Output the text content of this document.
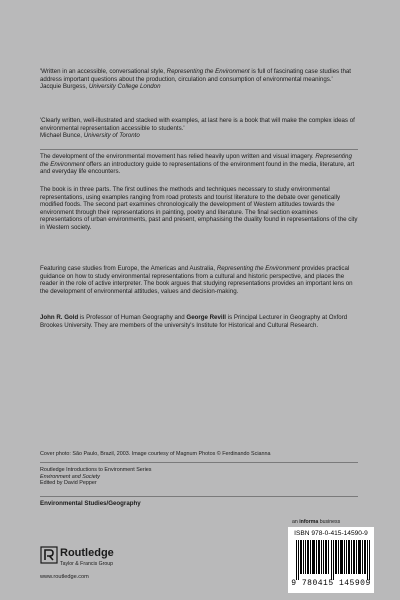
'Written in an accessible, conversational style, Representing the Environment is full of fascinating case studies that address important questions about the production, circulation and consumption of environmental meanings.'
Jacquie Burgess, University College London

'Clearly written, well-illustrated and stacked with examples, at last here is a book that will make the complex ideas of environmental representation accessible to students.'
Michael Bunce, University of Toronto

The development of the environmental movement has relied heavily upon written and visual imagery. Representing the Environment offers an introductory guide to representations of the environment found in the media, literature, art and everyday life encounters.

The book is in three parts. The first outlines the methods and techniques necessary to study environmental representations, using examples ranging from road protests and tourist literature to the debate over genetically modified foods. The second part examines chronologically the development of Western attitudes towards the environment through their representations in painting, poetry and literature. The final section examines representations of urban environments, past and present, emphasising the duality found in representations of the city in Western society.

Featuring case studies from Europe, the Americas and Australia, Representing the Environment provides practical guidance on how to study environmental representations from a cultural and historic perspective, and places the reader in the role of active interpreter. The book argues that studying representations provides an important lens on the development of environmental attitudes, values and decision-making.

John R. Gold is Professor of Human Geography and George Revill is Principal Lecturer in Geography at Oxford Brookes University. They are members of the university's Institute for Historical and Cultural Research.

Cover photo: São Paulo, Brazil, 2003. Image courtesy of Magnum Photos © Ferdinando Scianna

Routledge Introductions to Environment Series
Environment and Society
Edited by David Pepper

Environmental Studies/Geography

an informa business
Routledge
Taylor & Francis Group
www.routledge.com
ISBN 978-0-415-14590-9
9 780415 145909
